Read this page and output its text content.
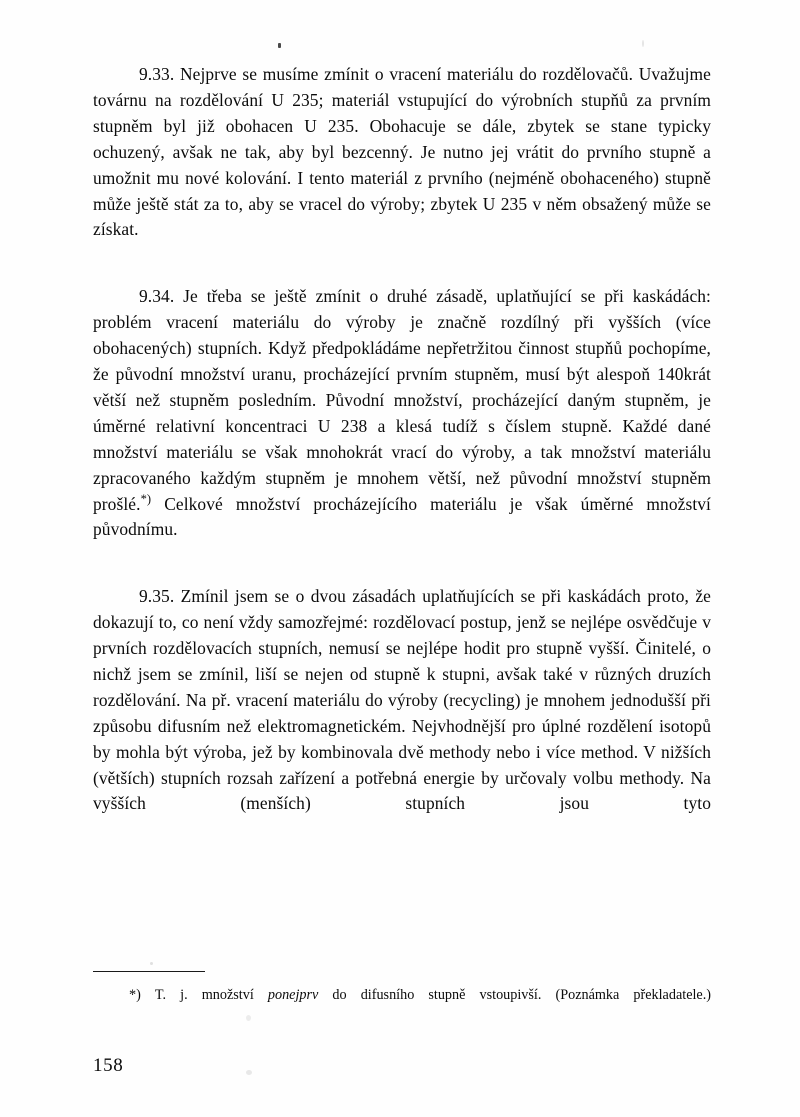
9.33. Nejprve se musíme zmínit o vracení materiálu do rozdělovačů. Uvažujme továrnu na rozdělování U 235; materiál vstupující do výrobních stupňů za prvním stupněm byl již obohacen U 235. Obohacuje se dále, zbytek se stane typicky ochuzený, avšak ne tak, aby byl bezcenný. Je nutno jej vrátit do prvního stupně a umožnit mu nové kolování. I tento materiál z prvního (nejméně obohaceného) stupně může ještě stát za to, aby se vracel do výroby; zbytek U 235 v něm obsažený může se získat.

9.34. Je třeba se ještě zmínit o druhé zásadě, uplatňující se při kaskádách: problém vracení materiálu do výroby je značně rozdílný při vyšších (více obohacených) stupních. Když předpokládáme nepřetržitou činnost stupňů pochopíme, že původní množství uranu, procházející prvním stupněm, musí být alespoň 140krát větší než stupněm posledním. Původní množství, procházející daným stupněm, je úměrné relativní koncentraci U 238 a klesá tudíž s číslem stupně. Každé dané množství materiálu se však mnohokrát vrací do výroby, a tak množství materiálu zpracovaného každým stupněm je mnohem větší, než původní množství stupněm prošlé.*) Celkové množství procházejícího materiálu je však úměrné množství původnímu.

9.35. Zmínil jsem se o dvou zásadách uplatňujících se při kaskádách proto, že dokazují to, co není vždy samozřejmé: rozdělovací postup, jenž se nejlépe osvědčuje v prvních rozdělovacích stupních, nemusí se nejlépe hodit pro stupně vyšší. Činitelé, o nichž jsem se zmínil, liší se nejen od stupně k stupni, avšak také v různých druzích rozdělování. Na př. vracení materiálu do výroby (recycling) je mnohem jednodušší při způsobu difusním než elektromagnetickém. Nejvhodnější pro úplné rozdělení isotopů by mohla být výroba, jež by kombinovala dvě methody nebo i více method. V nižších (větších) stupních rozsah zařízení a potřebná energie by určovaly volbu methody. Na vyšších (menších) stupních jsou tyto

*) T. j. množství ponejprv do difusního stupně vstoupivší. (Poznámka překladatele.)
158
